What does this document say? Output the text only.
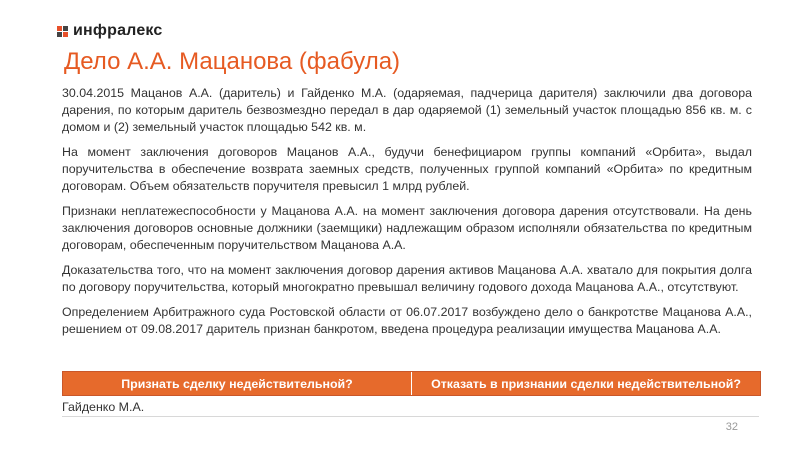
инфралекс
Дело А.А. Мацанова (фабула)

30.04.2015 Мацанов А.А. (даритель) и Гайденко М.А. (одаряемая, падчерица дарителя) заключили два договора дарения, по которым даритель безвозмездно передал в дар одаряемой (1) земельный участок площадью 856 кв. м. с домом и (2) земельный участок площадью 542 кв. м.

На момент заключения договоров Мацанов А.А., будучи бенефициаром группы компаний «Орбита», выдал поручительства в обеспечение возврата заемных средств, полученных группой компаний «Орбита» по кредитным договорам. Объем обязательств поручителя превысил 1 млрд рублей.

Признаки неплатежеспособности у Мацанова А.А. на момент заключения договора дарения отсутствовали. На день заключения договоров основные должники (заемщики) надлежащим образом исполняли обязательства по кредитным договорам, обеспеченным поручительством Мацанова А.А.

Доказательства того, что на момент заключения договор дарения активов Мацанова А.А. хватало для покрытия долга по договору поручительства, который многократно превышал величину годового дохода Мацанова А.А., отсутствуют.

Определением Арбитражного суда Ростовской области от 06.07.2017 возбуждено дело о банкротстве Мацанова А.А., решением от 09.08.2017 даритель признан банкротом, введена процедура реализации имущества Мацанова А.А.

Признать сделку недействительной?	Отказать в признании сделки недействительной?
Гайденко М.А.
32
